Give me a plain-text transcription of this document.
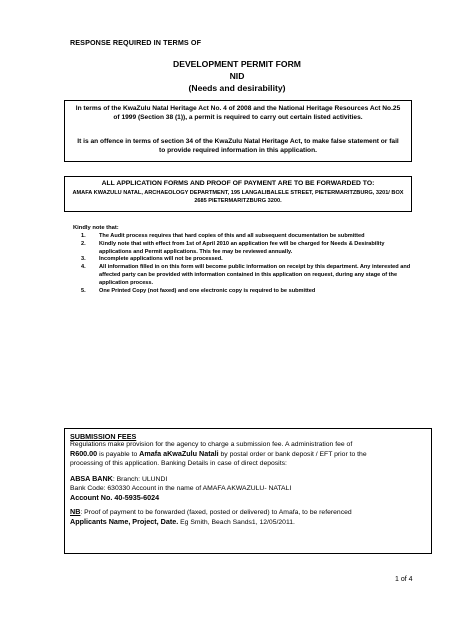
RESPONSE REQUIRED IN TERMS OF
DEVELOPMENT PERMIT FORM
NID
(Needs and desirability)

In terms of the KwaZulu Natal Heritage Act No. 4 of 2008 and the National Heritage Resources Act No.25 of 1999 (Section 38 (1)), a permit is required to carry out certain listed activities.

It is an offence in terms of section 34 of the KwaZulu Natal Heritage Act, to make false statement or fail to provide required information in this application.

ALL APPLICATION FORMS AND PROOF OF PAYMENT ARE TO BE FORWARDED TO:
AMAFA KWAZULU NATAL, ARCHAEOLOGY DEPARTMENT, 195 LANGALIBALELE STREET, PIETERMARITZBURG, 3201/ BOX 2685 PIETERMARITZBURG 3200.
Kindly note that:
1. The Audit process requires that hard copies of this and all subsequent documentation be submitted
2. Kindly note that with effect from 1st of April 2010 an application fee will be charged for Needs & Desirability applications and Permit applications. This fee may be reviewed annually.
3. Incomplete applications will not be processed.
4. All information filled in on this form will become public information on receipt by this department. Any interested and affected party can be provided with information contained in this application on request, during any stage of the application process.
5. One Printed Copy (not faxed) and one electronic copy is required to be submitted
SUBMISSION FEES
Regulations make provision for the agency to charge a submission fee. A administration fee of
R600.00 is payable to Amafa aKwaZulu Natali by postal order or bank deposit / EFT prior to the
processing of this application. Banking Details in case of direct deposits:
ABSA BANK: Branch: ULUNDI
Bank Code: 630330 Account in the name of AMAFA AKWAZULU- NATALI
Account No. 40-5935-6024
NB: Proof of payment to be forwarded (faxed, posted or delivered) to Amafa, to be referenced
Applicants Name, Project, Date. Eg Smith, Beach Sands1, 12/05/2011.
1 of 4
